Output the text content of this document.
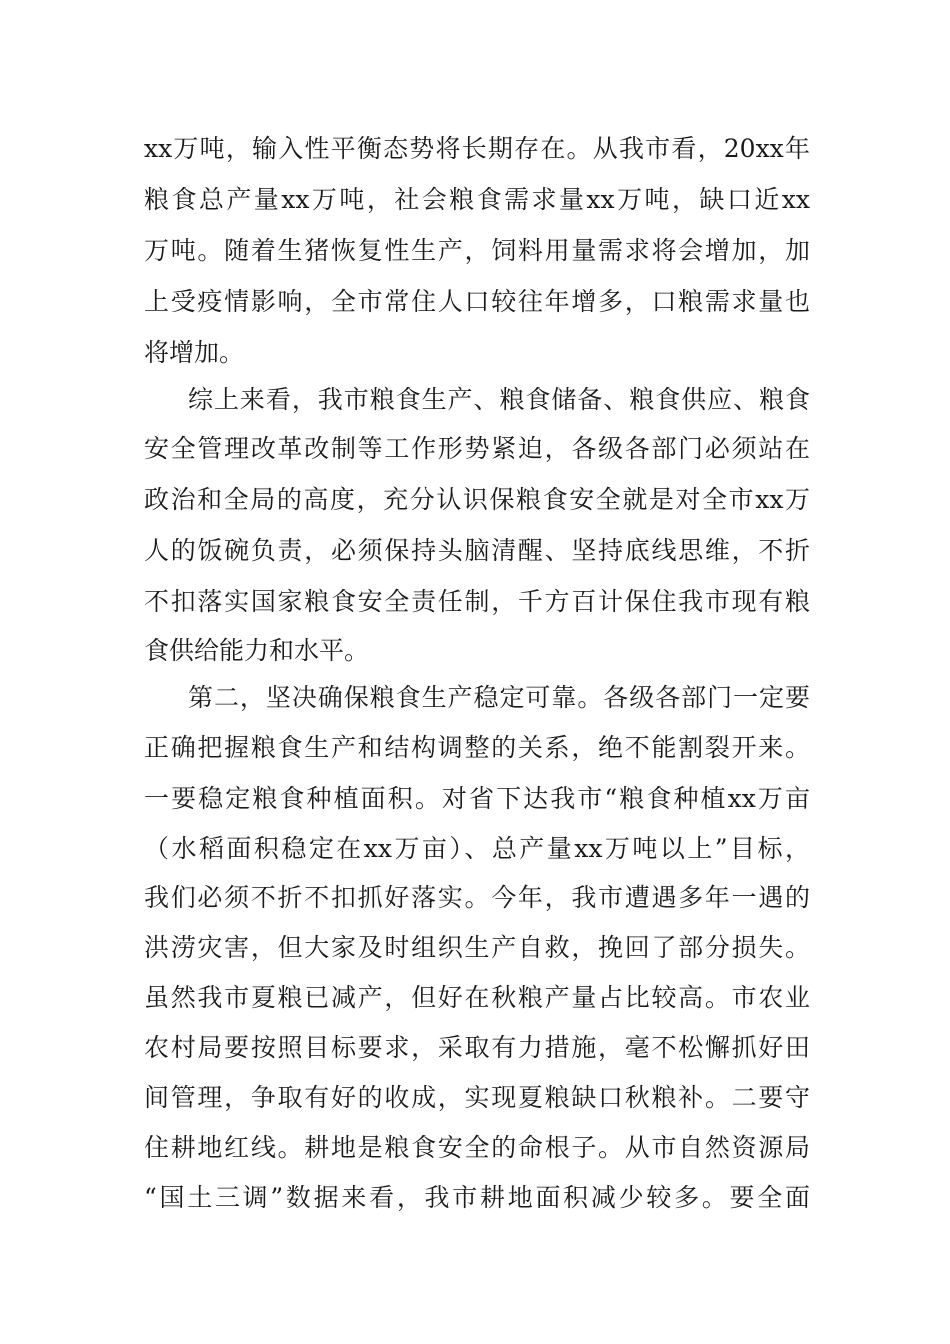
xx万吨，输入性平衡态势将长期存在。从我市看，20xx年
粮食总产量xx万吨，社会粮食需求量xx万吨，缺口近xx
万吨。随着生猪恢复性生产，饲料用量需求将会增加，加
上受疫情影响，全市常住人口较往年增多，口粮需求量也
将增加。
综上来看，我市粮食生产、粮食储备、粮食供应、粮食
安全管理改革改制等工作形势紧迫，各级各部门必须站在
政治和全局的高度，充分认识保粮食安全就是对全市xx万
人的饭碗负责，必须保持头脑清醒、坚持底线思维，不折
不扣落实国家粮食安全责任制，千方百计保住我市现有粮
食供给能力和水平。
第二，坚决确保粮食生产稳定可靠。各级各部门一定要
正确把握粮食生产和结构调整的关系，绝不能割裂开来。
一要稳定粮食种植面积。对省下达我市“粮食种植xx万亩
（水稻面积稳定在xx万亩）、总产量xx万吨以上”目标，
我们必须不折不扣抓好落实。今年，我市遭遇多年一遇的
洪涝灾害，但大家及时组织生产自救，挽回了部分损失。
虽然我市夏粮已减产，但好在秋粮产量占比较高。市农业
农村局要按照目标要求，采取有力措施，毫不松懈抓好田
间管理，争取有好的收成，实现夏粮缺口秋粮补。二要守
住耕地红线。耕地是粮食安全的命根子。从市自然资源局
“国土三调”数据来看，我市耕地面积减少较多。要全面
